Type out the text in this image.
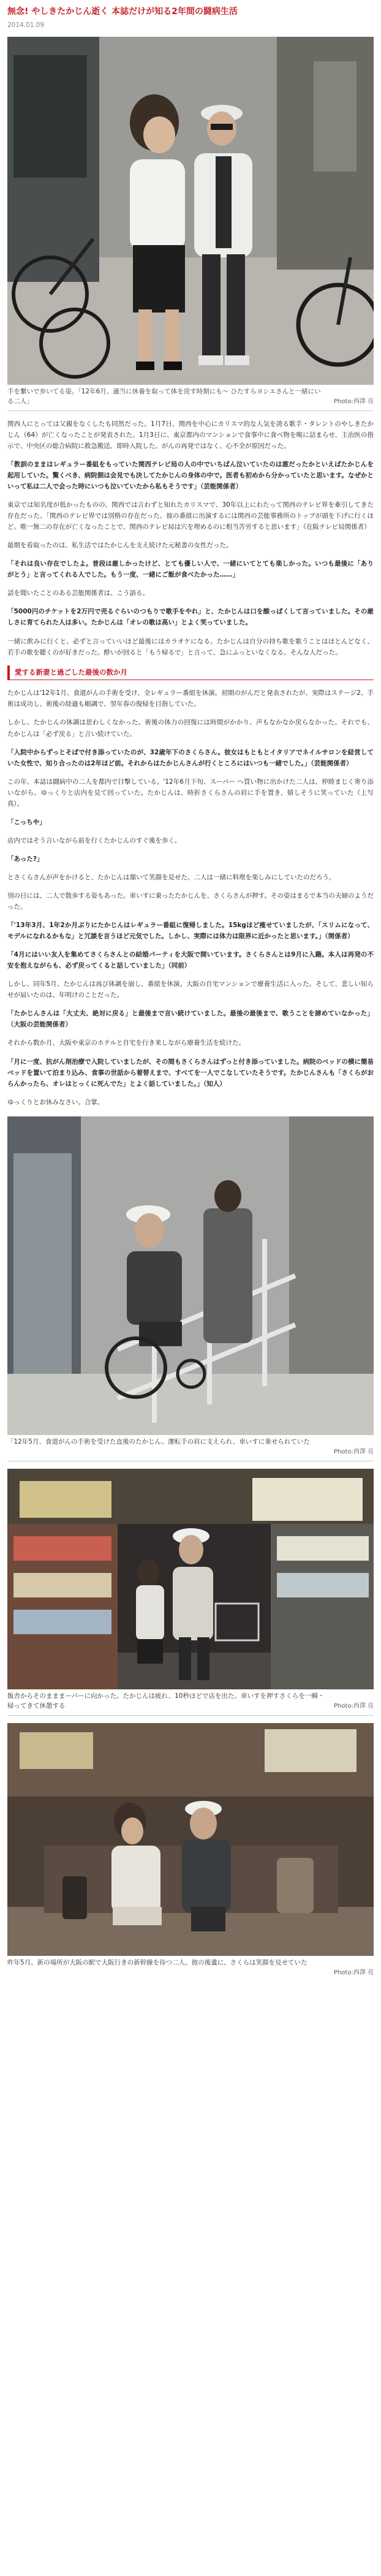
無念! やしきたかじん逝く 本誌だけが知る2年間の闘病生活
2014.01.09
手を繋いで歩いてる姿。「12年6月、適当に休養を取って体を戻す時期にも〜 ひたすらヨシエさんと一緒にいる二人」	Photo:西澤 亮

関西人にとっては父親をなくしたも同然だった。1月7日、関西を中心にカリスマ的な人気を誇る歌手・タレントのやしきたかじん（64）が亡くなったことが発表された。1月3日に、東京都内のマンションで食事中に食べ物を喉に詰まらせ、主治医の指示で、中央区の総合病院に救急搬送、即時入院した。がんの再発ではなく、心不全が原因だった。

「教訓のままはレギュラー番組をもっていた関西テレビ局の人の中でいちばん泣いていたのは誰だったかといえばたかじんを起用していた。驚くべき、病院側は会見でも決してたかじんの身体の中で。医者も初めから分かっていたと思います。なぜかといって私は二人で会った時にいつも泣いていたから私もそうです」（芸能関係者）

東京では知名度が低かったものの、関西では言わずと知れたカリスマで、30年以上にわたって関西のテレビ界を牽引してきた存在だった。「関西のテレビ界では別格の存在だった。彼の番組に出演するには関西の芸能事務所のトップが頭を下げに行くほど。唯一無二の存在が亡くなったことで、関西のテレビ局は穴を埋めるのに相当苦労すると思います」（在阪テレビ局関係者）

最期を看取ったのは、私生活ではたかじんを支え続けた元秘書の女性だった。

「それは良い存在でしたよ。普段は厳しかったけど、とても優しい人で、一緒にいてとても楽しかった。いつも最後に「ありがとう」と言ってくれる人でした。もう一度、一緒にご飯が食べたかった……」

話を聞いたことのある芸能関係者は、こう語る。

「5000円のチケットを2万円で売るぐらいのつもりで歌手をやれ」と、たかじんは口を酸っぱくして言っていました。その厳しさに育てられた人は多い。たかじんは「オレの歌は高い」とよく笑っていました。

一緒に飲みに行くと、必ずと言っていいほど最後にはカラオケになる。たかじんは自分の持ち歌を歌うことはほとんどなく、若手の歌を聴くのが好きだった。酔いが回ると「もう帰るで」と言って、急にふっといなくなる。そんな人だった。

愛する新妻と過ごした最後の数か月

たかじんは'12年1月、食道がんの手術を受け、全レギュラー番組を休演。初期のがんだと発表されたが、実際はステージ2。手術は成功し、術後の経過も順調で、翌年春の復帰を目指していた。

しかし、たかじんの体調は思わしくなかった。術後の体力の回復には時間がかかり、声もなかなか戻らなかった。それでも、たかじんは「必ず戻る」と言い続けていた。

「入院中からずっとそばで付き添っていたのが、32歳年下のさくらさん。彼女はもともとイタリアでネイルサロンを経営していた女性で、知り合ったのは2年ほど前。それからはたかじんさんが行くところにはいつも一緒でした。」（芸能関係者）

この年、本誌は闘病中の二人を都内で目撃している。'12年6月下旬、スーパー へ買い物に出かけた二人は、仲睦まじく寄り添いながら、ゆっくりと店内を見て回っていた。たかじんは、時折さくらさんの肩に手を置き、嬉しそうに笑っていた（上写真）。

「こっちや」

店内ではそう言いながら前を行くたかじんのすぐ後を歩く。

「あった?」

とさくらさんが声をかけると、たかじんは頷いて笑顔を見せた。二人は一緒に料理を楽しみにしていたのだろう。

別の日には、二人で散歩する姿もあった。車いすに乗ったたかじんを、さくらさんが押す。その姿はまるで本当の夫婦のようだった。

「'13年3月、1年2か月ぶりにたかじんはレギュラー番組に復帰しました。15kgほど痩せていましたが、「スリムになって、モデルになれるかもな」と冗談を言うほど元気でした。しかし、実際には体力は限界に近かったと思います。」（関係者）

「4月にはいい友人を集めてさくらさんとの結婚パーティを大阪で開いています。さくらさんとは9月に入籍。本人は再発の不安を抱えながらも、必ず戻ってくると話していました」（同前）

しかし、同年5月、たかじんは再び体調を崩し、番組を休演。大阪の自宅マンションで療養生活に入った。そして、悲しい知らせが届いたのは、年明けのことだった。

「たかじんさんは「大丈夫、絶対に戻る」と最後まで言い続けていました。最後の最後まで、歌うことを諦めていなかった」（大阪の芸能関係者）

それから数か月、大阪や東京のホテルと自宅を行き来しながら療養生活を続けた。

「月に一度、抗がん剤治療で入院していましたが、その間もさくらさんはずっと付き添っていました。病院のベッドの横に簡易ベッドを置いて泊まり込み、食事の世話から着替えまで、すべてを一人でこなしていたそうです。たかじんさんも「さくらがおらんかったら、オレはとっくに死んでた」とよく話していました。」（知人）

ゆっくりとお休みなさい。合掌。

「12年5月、食道がんの手術を受けた直後のたかじん。運転手の肩に支えられ、車いすに乗せられていた
Photo:西澤 亮
飯舎からそのまままーパーに向かった。たかじんは疲れ、10秒ほどで店を出た。車いすを押すさくらを一瞬・帰ってきて休憩する	Photo:西澤 亮
昨年5月、新の場所が大阪の駅で大阪行きの新幹線を待つ二人。彼の後遺に、さくらは笑顔を見せていた
Photo:西澤 亮
